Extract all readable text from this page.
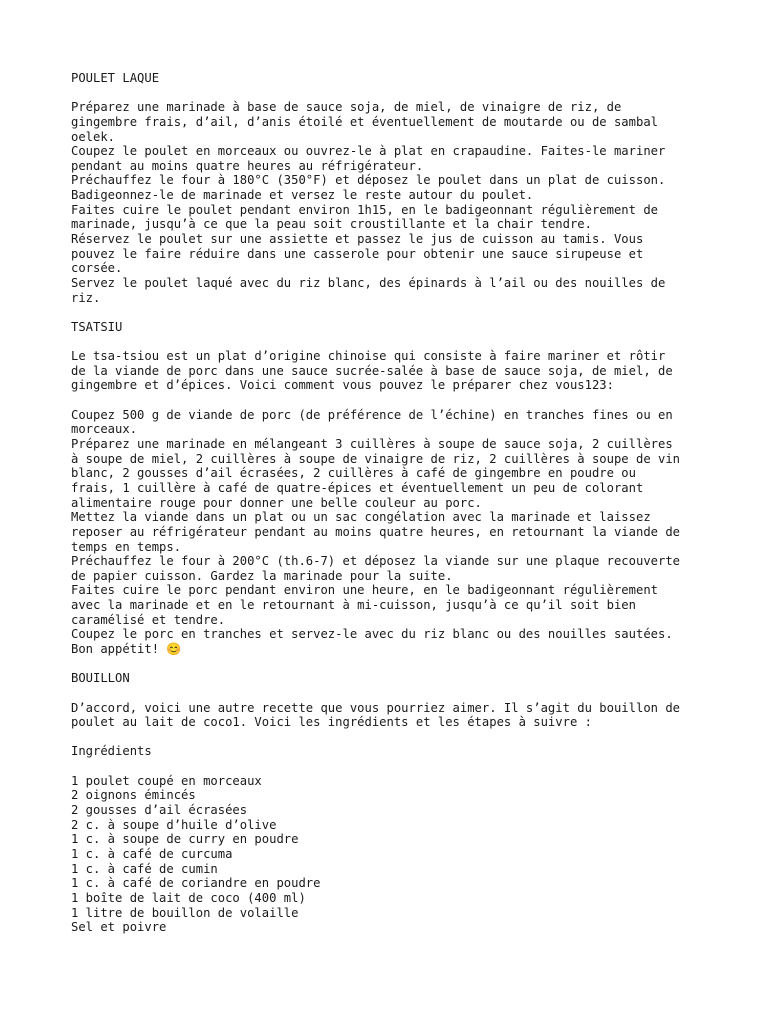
POULET LAQUE
Préparez une marinade à base de sauce soja, de miel, de vinaigre de riz, de
gingembre frais, d’ail, d’anis étoilé et éventuellement de moutarde ou de sambal
oelek.
Coupez le poulet en morceaux ou ouvrez-le à plat en crapaudine. Faites-le mariner
pendant au moins quatre heures au réfrigérateur.
Préchauffez le four à 180°C (350°F) et déposez le poulet dans un plat de cuisson.
Badigeonnez-le de marinade et versez le reste autour du poulet.
Faites cuire le poulet pendant environ 1h15, en le badigeonnant régulièrement de
marinade, jusqu’à ce que la peau soit croustillante et la chair tendre.
Réservez le poulet sur une assiette et passez le jus de cuisson au tamis. Vous
pouvez le faire réduire dans une casserole pour obtenir une sauce sirupeuse et
corsée.
Servez le poulet laqué avec du riz blanc, des épinards à l’ail ou des nouilles de
riz.
TSATSIU
Le tsa-tsiou est un plat d’origine chinoise qui consiste à faire mariner et rôtir
de la viande de porc dans une sauce sucrée-salée à base de sauce soja, de miel, de
gingembre et d’épices. Voici comment vous pouvez le préparer chez vous123:
Coupez 500 g de viande de porc (de préférence de l’échine) en tranches fines ou en
morceaux.
Préparez une marinade en mélangeant 3 cuillères à soupe de sauce soja, 2 cuillères
à soupe de miel, 2 cuillères à soupe de vinaigre de riz, 2 cuillères à soupe de vin
blanc, 2 gousses d’ail écrasées, 2 cuillères à café de gingembre en poudre ou
frais, 1 cuillère à café de quatre-épices et éventuellement un peu de colorant
alimentaire rouge pour donner une belle couleur au porc.
Mettez la viande dans un plat ou un sac congélation avec la marinade et laissez
reposer au réfrigérateur pendant au moins quatre heures, en retournant la viande de
temps en temps.
Préchauffez le four à 200°C (th.6-7) et déposez la viande sur une plaque recouverte
de papier cuisson. Gardez la marinade pour la suite.
Faites cuire le porc pendant environ une heure, en le badigeonnant régulièrement
avec la marinade et en le retournant à mi-cuisson, jusqu’à ce qu’il soit bien
caramélisé et tendre.
Coupez le porc en tranches et servez-le avec du riz blanc ou des nouilles sautées.
Bon appétit! 😊
BOUILLON
D’accord, voici une autre recette que vous pourriez aimer. Il s’agit du bouillon de
poulet au lait de coco1. Voici les ingrédients et les étapes à suivre :
Ingrédients
1 poulet coupé en morceaux
2 oignons émincés
2 gousses d’ail écrasées
2 c. à soupe d’huile d’olive
1 c. à soupe de curry en poudre
1 c. à café de curcuma
1 c. à café de cumin
1 c. à café de coriandre en poudre
1 boîte de lait de coco (400 ml)
1 litre de bouillon de volaille
Sel et poivre
